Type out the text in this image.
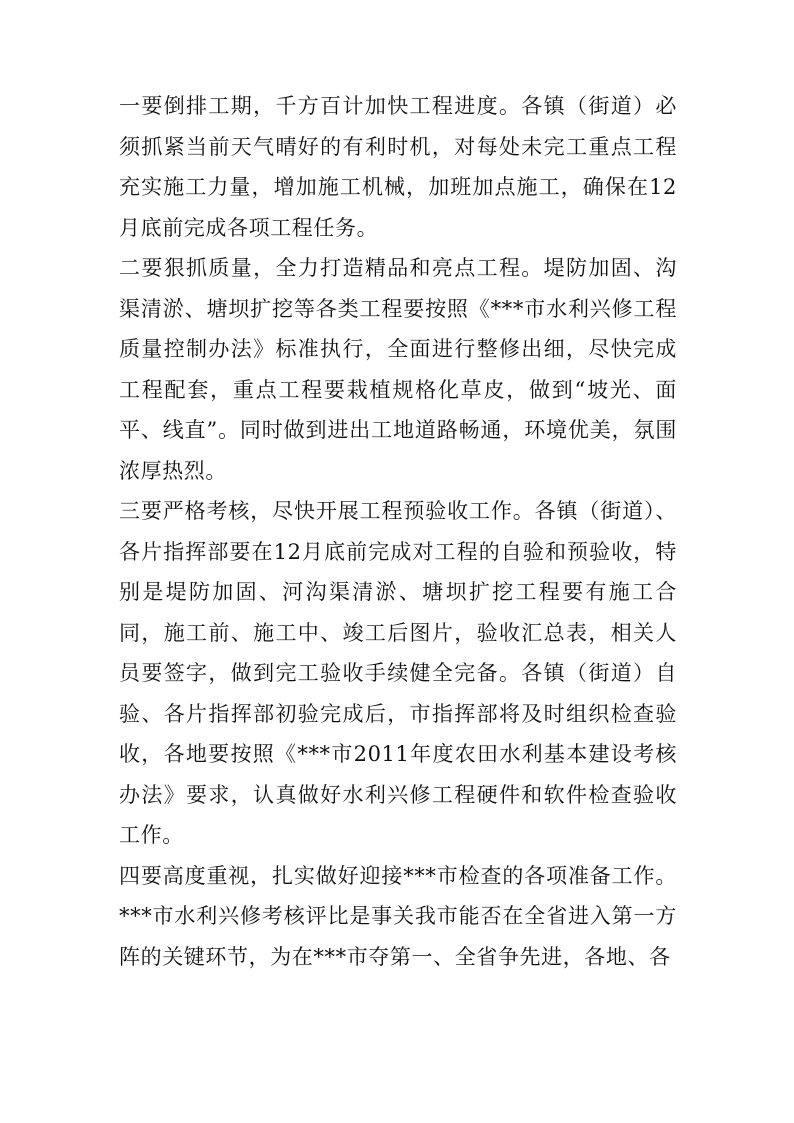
一要倒排工期，千方百计加快工程进度。各镇（街道）必须抓紧当前天气晴好的有利时机，对每处未完工重点工程充实施工力量，增加施工机械，加班加点施工，确保在12月底前完成各项工程任务。

二要狠抓质量，全力打造精品和亮点工程。堤防加固、沟渠清淤、塘坝扩挖等各类工程要按照《***市水利兴修工程质量控制办法》标准执行，全面进行整修出细，尽快完成工程配套，重点工程要栽植规格化草皮，做到“坡光、面平、线直”。同时做到进出工地道路畅通，环境优美，氛围浓厚热烈。

三要严格考核，尽快开展工程预验收工作。各镇（街道）、各片指挥部要在12月底前完成对工程的自验和预验收，特别是堤防加固、河沟渠清淤、塘坝扩挖工程要有施工合同，施工前、施工中、竣工后图片，验收汇总表，相关人员要签字，做到完工验收手续健全完备。各镇（街道）自验、各片指挥部初验完成后，市指挥部将及时组织检查验收，各地要按照《***市2011年度农田水利基本建设考核办法》要求，认真做好水利兴修工程硬件和软件检查验收工作。

四要高度重视，扎实做好迎接***市检查的各项准备工作。***市水利兴修考核评比是事关我市能否在全省进入第一方阵的关键环节，为在***市夺第一、全省争先进，各地、各
